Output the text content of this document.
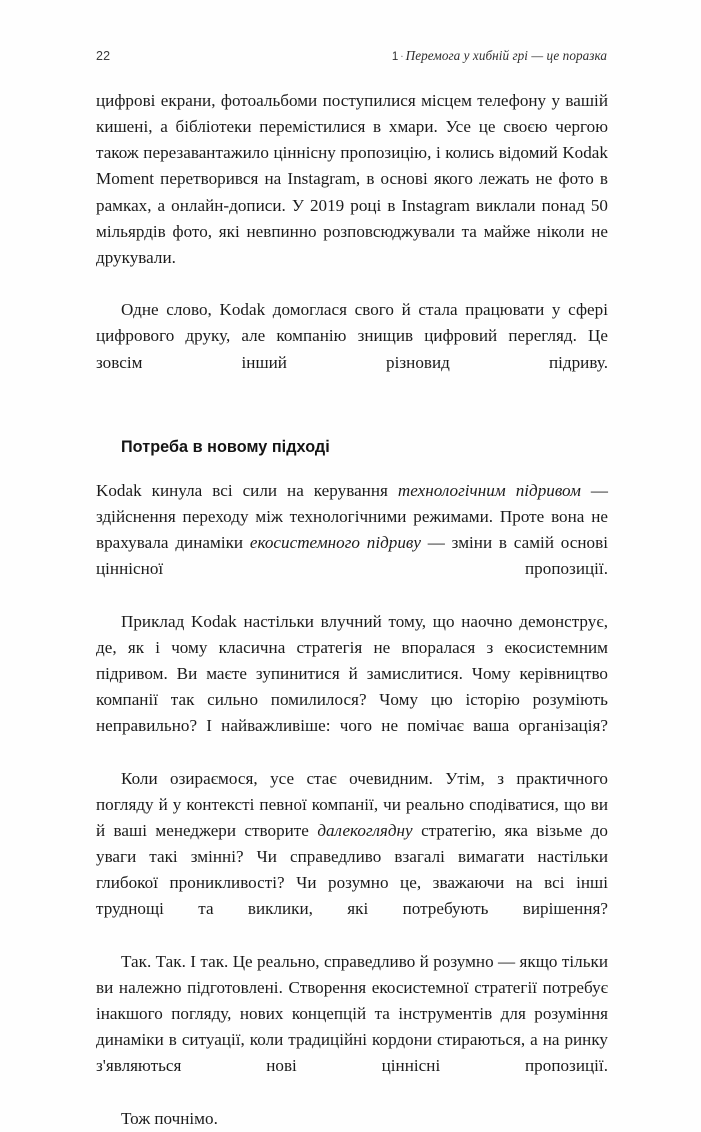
22	1 · Перемога у хибній грі — це поразка

цифрові екрани, фотоальбоми поступилися місцем телефону у вашій кишені, а бібліотеки перемістилися в хмари. Усе це своєю чергою також перезавантажило ціннісну пропозицію, і колись відомий Kodak Moment перетворився на Instagram, в основі якого лежать не фото в рамках, а онлайн-дописи. У 2019 році в Instagram виклали понад 50 мільярдів фото, які невпинно розповсюджували та майже ніколи не друкували.

Одне слово, Kodak домоглася свого й стала працювати у сфері цифрового друку, але компанію знищив цифровий перегляд. Це зовсім інший різновид підриву.

Потреба в новому підході

Kodak кинула всі сили на керування технологічним підривом — здійснення переходу між технологічними режимами. Проте вона не врахувала динаміки екосистемного підриву — зміни в самій основі ціннісної пропозиції.

Приклад Kodak настільки влучний тому, що наочно демонструє, де, як і чому класична стратегія не впоралася з екосистемним підривом. Ви маєте зупинитися й замислитися. Чому керівництво компанії так сильно помилилося? Чому цю історію розуміють неправильно? І найважливіше: чого не помічає ваша організація?

Коли озираємося, усе стає очевидним. Утім, з практичного погляду й у контексті певної компанії, чи реально сподіватися, що ви й ваші менеджери створите далекоглядну стратегію, яка візьме до уваги такі змінні? Чи справедливо взагалі вимагати настільки глибокої проникливості? Чи розумно це, зважаючи на всі інші труднощі та виклики, які потребують вирішення?

Так. Так. І так. Це реально, справедливо й розумно — якщо тільки ви належно підготовлені. Створення екосистемної стратегії потребує інакшого погляду, нових концепцій та інструментів для розуміння динаміки в ситуації, коли традиційні кордони стираються, а на ринку з'являються нові ціннісні пропозиції.

Тож почнімо.
